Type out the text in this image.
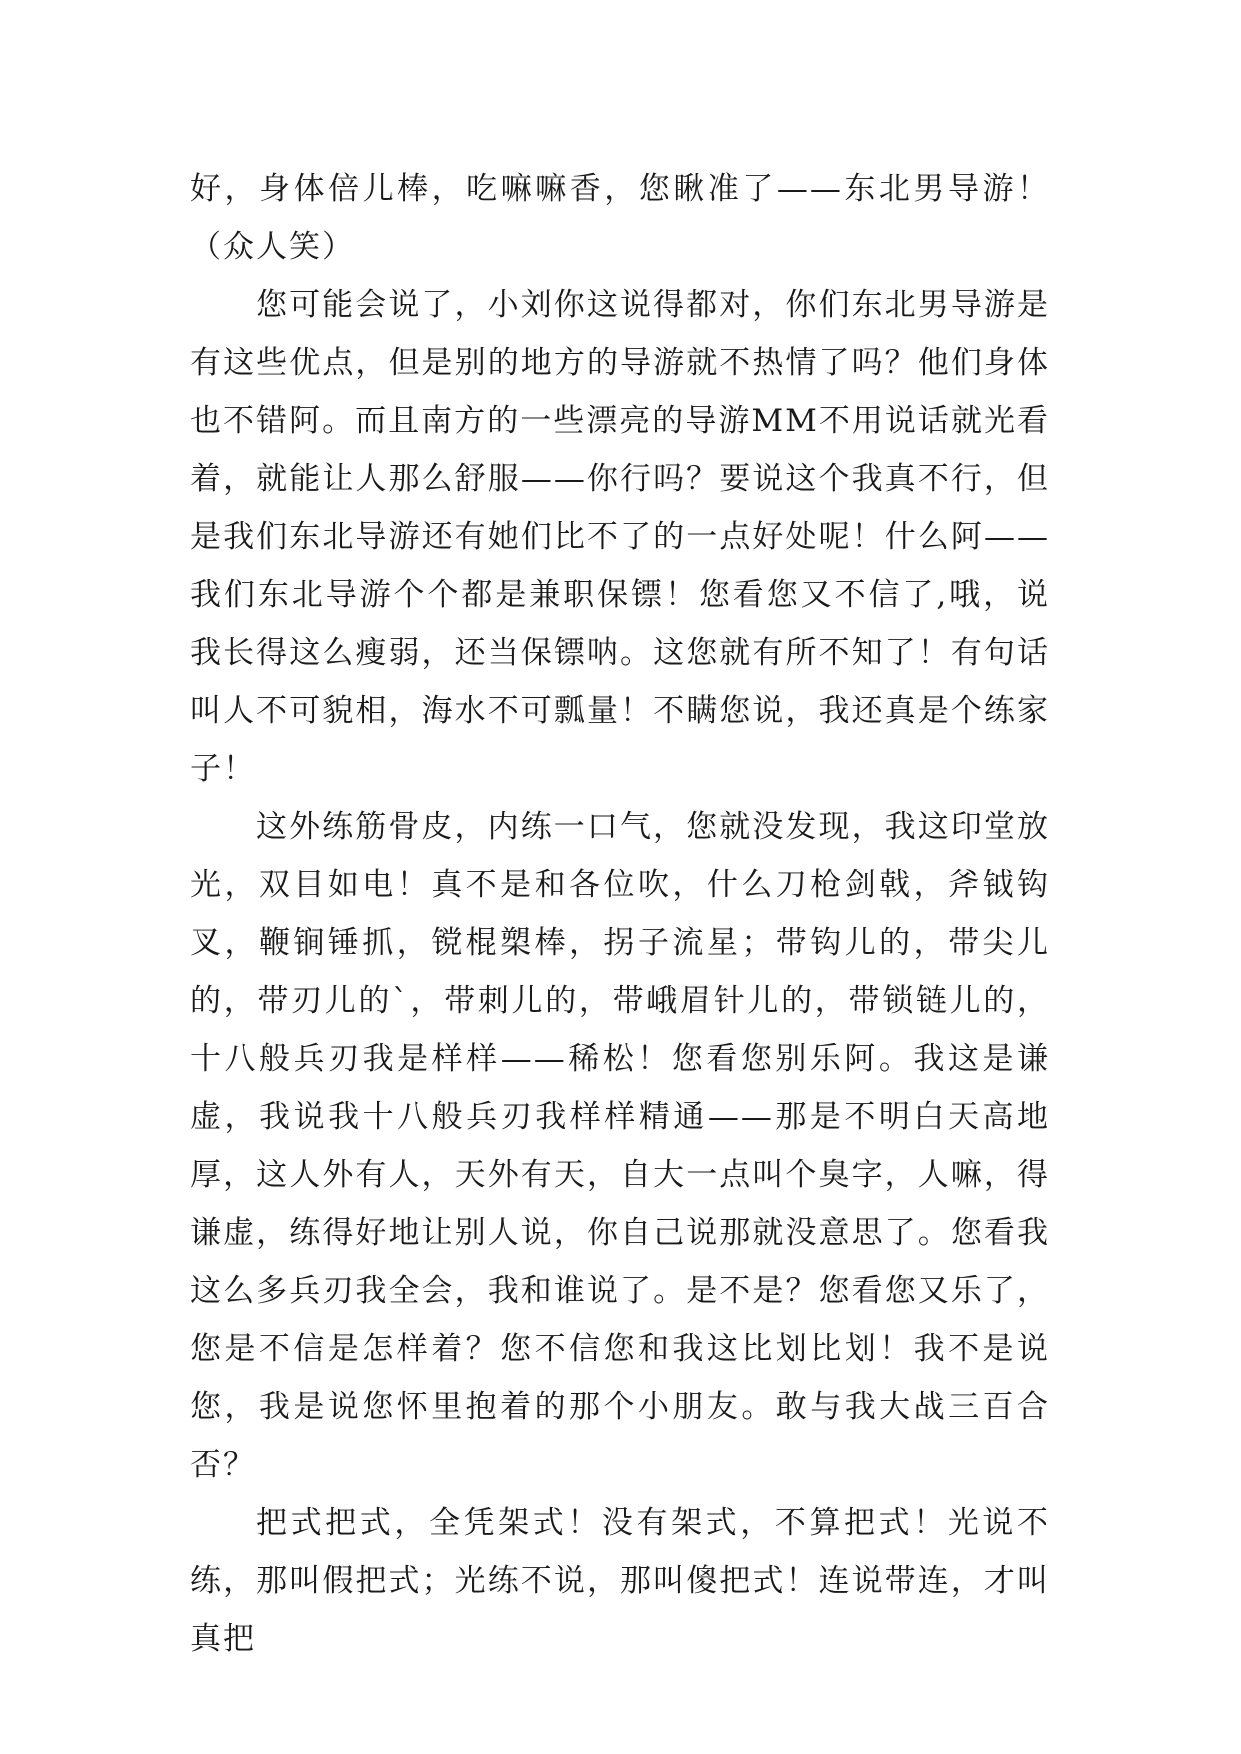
好，身体倍儿棒，吃嘛嘛香，您瞅准了——东北男导游！（众人笑）

您可能会说了，小刘你这说得都对，你们东北男导游是有这些优点，但是别的地方的导游就不热情了吗？他们身体也不错阿。而且南方的一些漂亮的导游MM不用说话就光看着，就能让人那么舒服——你行吗？要说这个我真不行，但是我们东北导游还有她们比不了的一点好处呢！什么阿——我们东北导游个个都是兼职保镖！您看您又不信了,哦，说我长得这么瘦弱，还当保镖呐。这您就有所不知了！有句话叫人不可貌相，海水不可瓢量！不瞒您说，我还真是个练家子！

这外练筋骨皮，内练一口气，您就没发现，我这印堂放光，双目如电！真不是和各位吹，什么刀枪剑戟，斧钺钩叉，鞭锏锤抓，镋棍槊棒，拐子流星；带钩儿的，带尖儿的，带刃儿的`，带刺儿的，带峨眉针儿的，带锁链儿的，十八般兵刃我是样样——稀松！您看您别乐阿。我这是谦虚，我说我十八般兵刃我样样精通——那是不明白天高地厚，这人外有人，天外有天，自大一点叫个臭字，人嘛，得谦虚，练得好地让别人说，你自己说那就没意思了。您看我这么多兵刃我全会，我和谁说了。是不是？您看您又乐了，您是不信是怎样着？您不信您和我这比划比划！我不是说您，我是说您怀里抱着的那个小朋友。敢与我大战三百合否？

把式把式，全凭架式！没有架式，不算把式！光说不练，那叫假把式；光练不说，那叫傻把式！连说带连，才叫真把
